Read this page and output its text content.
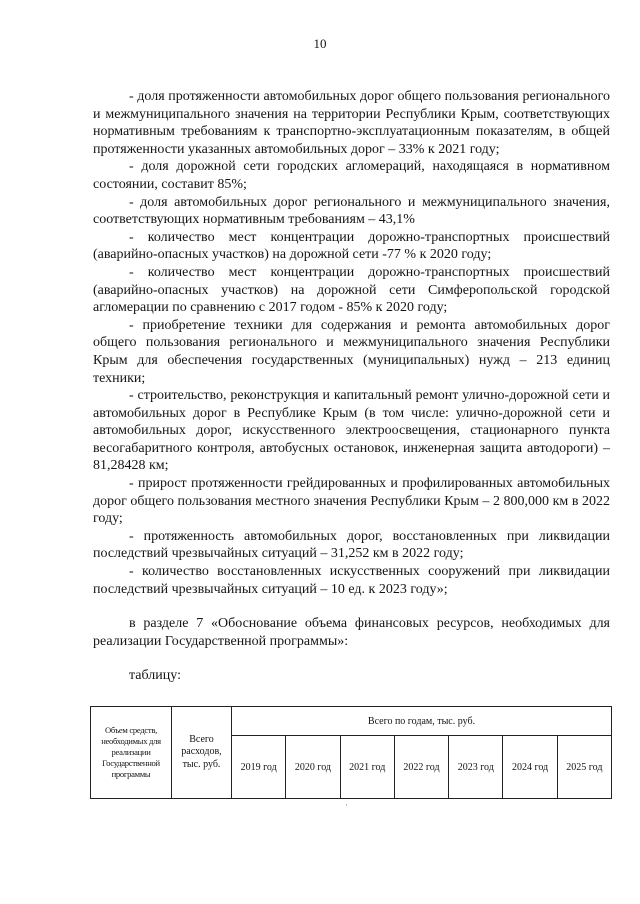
10

- доля протяженности автомобильных дорог общего пользования регионального и межмуниципального значения на территории Республики Крым, соответствующих нормативным требованиям к транспортно-эксплуатационным показателям, в общей протяженности указанных автомобильных дорог – 33% к 2021 году;

- доля дорожной сети городских агломераций, находящаяся в нормативном состоянии, составит 85%;

- доля автомобильных дорог регионального и межмуниципального значения, соответствующих нормативным требованиям – 43,1%

- количество мест концентрации дорожно-транспортных происшествий (аварийно-опасных участков) на дорожной сети -77 % к 2020 году;

- количество мест концентрации дорожно-транспортных происшествий (аварийно-опасных участков) на дорожной сети Симферопольской городской агломерации по сравнению с 2017 годом - 85% к 2020 году;

- приобретение техники для содержания и ремонта автомобильных дорог общего пользования регионального и межмуниципального значения Республики Крым для обеспечения государственных (муниципальных) нужд – 213 единиц техники;

- строительство, реконструкция и капитальный ремонт улично-дорожной сети и автомобильных дорог в Республике Крым (в том числе: улично-дорожной сети и автомобильных дорог, искусственного электроосвещения, стационарного пункта весогабаритного контроля, автобусных остановок, инженерная защита автодороги) – 81,28428 км;

- прирост протяженности грейдированных и профилированных автомобильных дорог общего пользования местного значения Республики Крым – 2 800,000 км в 2022 году;

- протяженность автомобильных дорог, восстановленных при ликвидации последствий чрезвычайных ситуаций – 31,252 км в 2022 году;

- количество восстановленных искусственных сооружений при ликвидации последствий чрезвычайных ситуаций – 10 ед. к 2023 году»;

в разделе 7 «Обоснование объема финансовых ресурсов, необходимых для реализации Государственной программы»:

таблицу:

Объем средств, необходимых для реализации Государственной программы	Всего расходов, тыс. руб.	Всего по годам, тыс. руб.						
		2019 год	2020 год	2021 год	2022 год	2023 год	2024 год	2025 год
·
